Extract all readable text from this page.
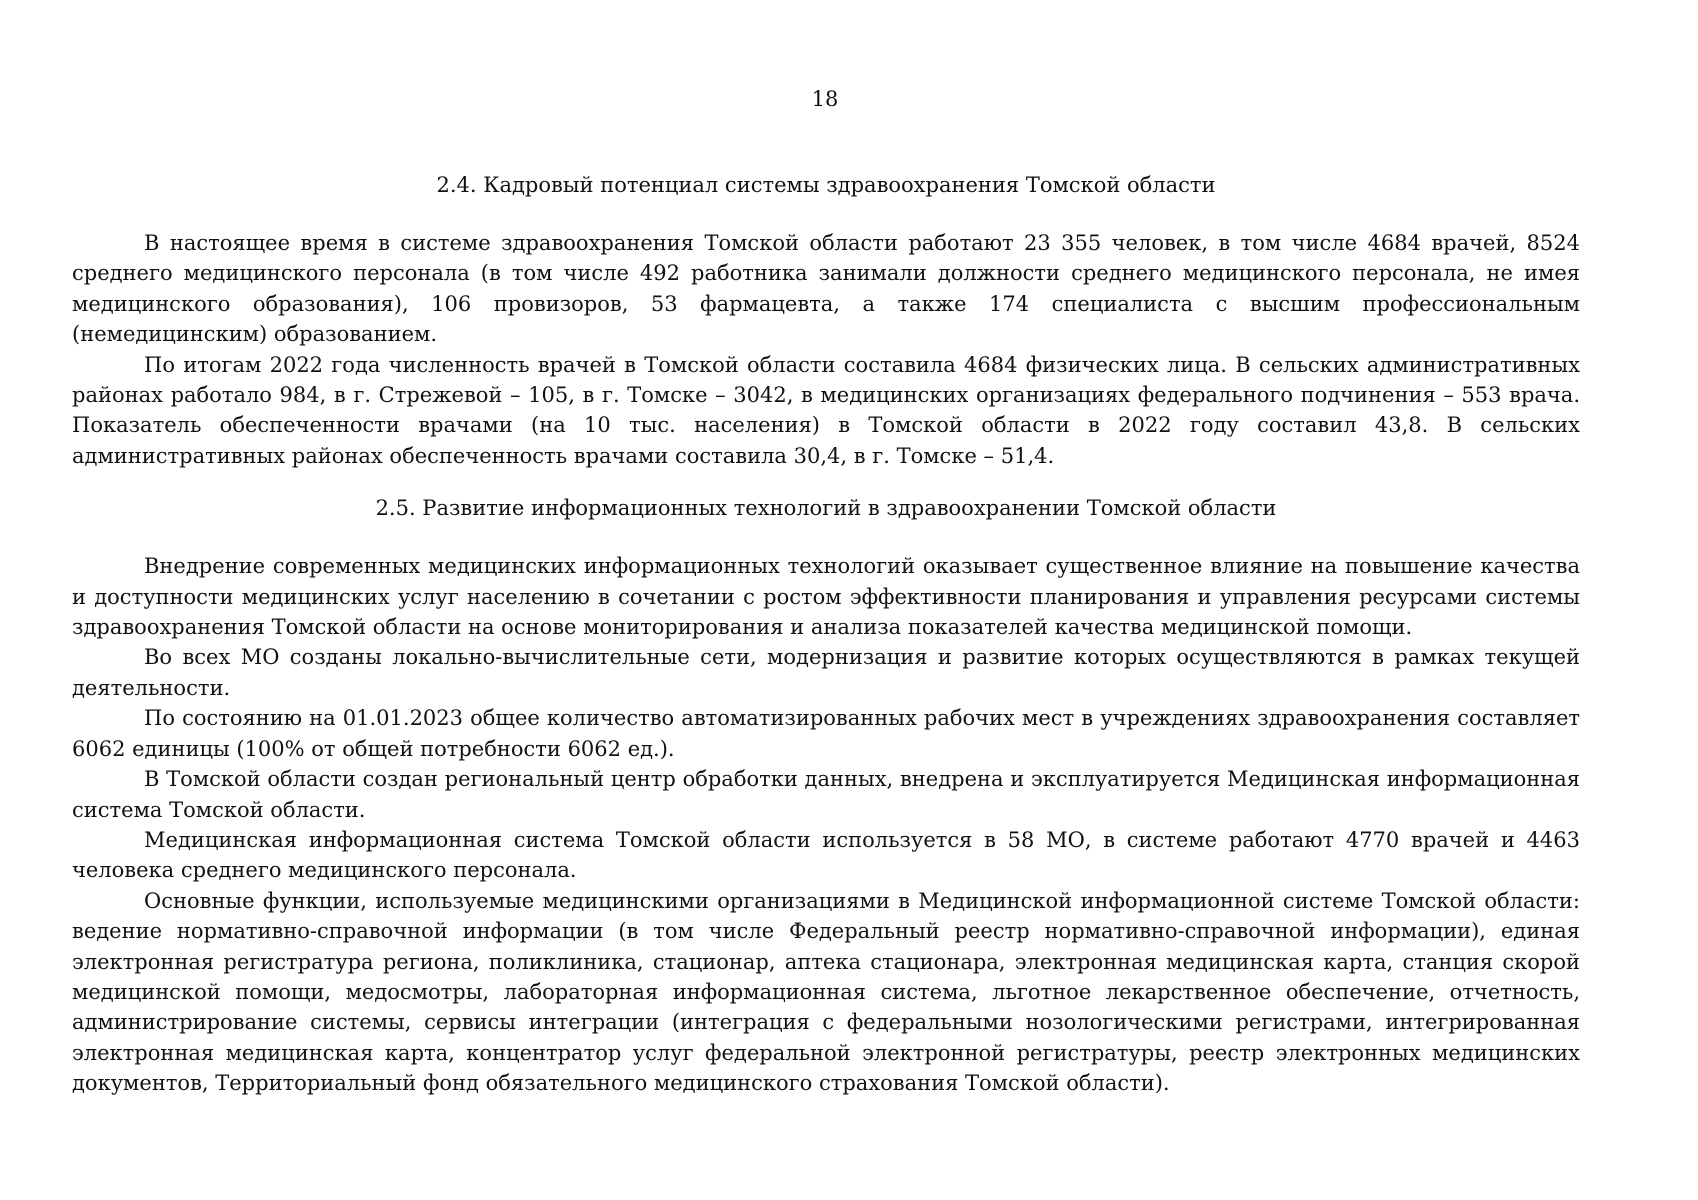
18
2.4. Кадровый потенциал системы здравоохранения Томской области

В настоящее время в системе здравоохранения Томской области работают 23 355 человек, в том числе 4684 врачей, 8524 среднего медицинского персонала (в том числе 492 работника занимали должности среднего медицинского персонала, не имея медицинского образования), 106 провизоров, 53 фармацевта, а также 174 специалиста с высшим профессиональным (немедицинским) образованием.

По итогам 2022 года численность врачей в Томской области составила 4684 физических лица. В сельских административных районах работало 984, в г. Стрежевой – 105, в г. Томске – 3042, в медицинских организациях федерального подчинения – 553 врача. Показатель обеспеченности врачами (на 10 тыс. населения) в Томской области в 2022 году составил 43,8. В сельских административных районах обеспеченность врачами составила 30,4, в г. Томске – 51,4.

2.5. Развитие информационных технологий в здравоохранении Томской области

Внедрение современных медицинских информационных технологий оказывает существенное влияние на повышение качества и доступности медицинских услуг населению в сочетании с ростом эффективности планирования и управления ресурсами системы здравоохранения Томской области на основе мониторирования и анализа показателей качества медицинской помощи.

Во всех МО созданы локально-вычислительные сети, модернизация и развитие которых осуществляются в рамках текущей деятельности.

По состоянию на 01.01.2023 общее количество автоматизированных рабочих мест в учреждениях здравоохранения составляет 6062 единицы (100% от общей потребности 6062 ед.).

В Томской области создан региональный центр обработки данных, внедрена и эксплуатируется Медицинская информационная система Томской области.

Медицинская информационная система Томской области используется в 58 МО, в системе работают 4770 врачей и 4463 человека среднего медицинского персонала.

Основные функции, используемые медицинскими организациями в Медицинской информационной системе Томской области: ведение нормативно-справочной информации (в том числе Федеральный реестр нормативно-справочной информации), единая электронная регистратура региона, поликлиника, стационар, аптека стационара, электронная медицинская карта, станция скорой медицинской помощи, медосмотры, лабораторная информационная система, льготное лекарственное обеспечение, отчетность, администрирование системы, сервисы интеграции (интеграция с федеральными нозологическими регистрами, интегрированная электронная медицинская карта, концентратор услуг федеральной электронной регистратуры, реестр электронных медицинских документов, Территориальный фонд обязательного медицинского страхования Томской области).
